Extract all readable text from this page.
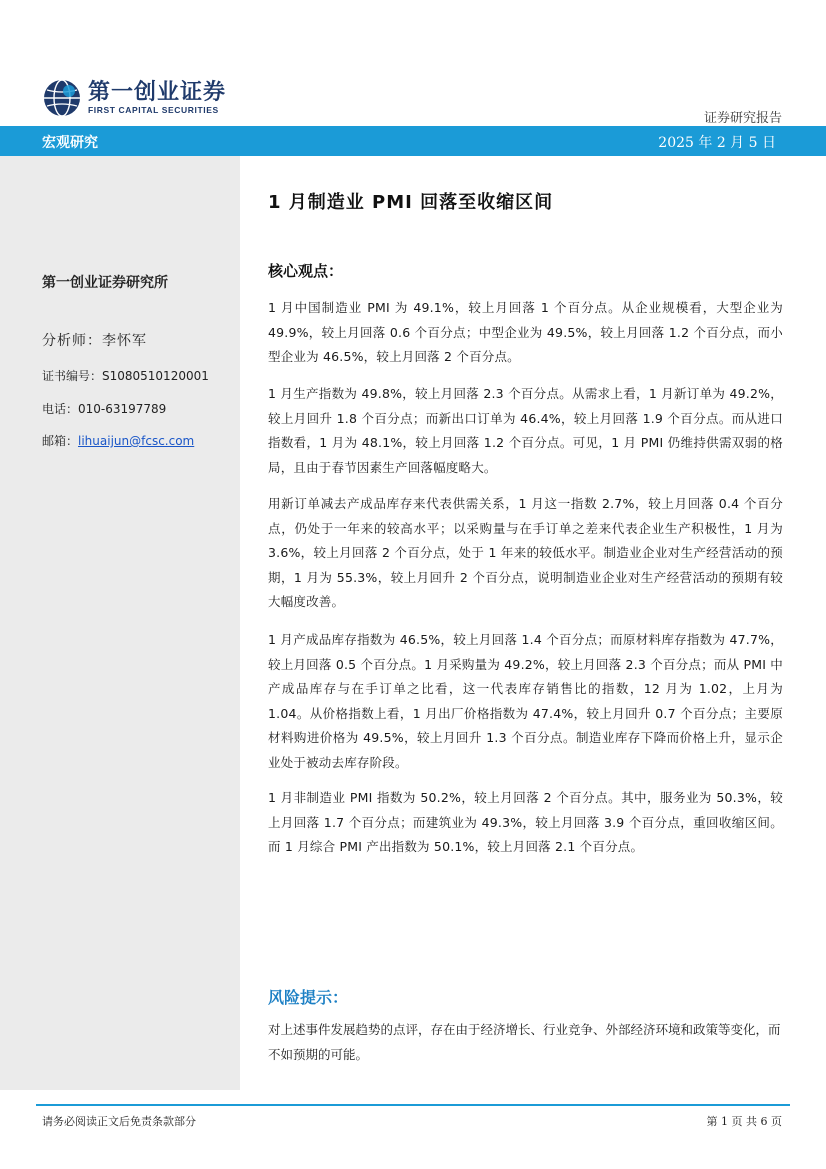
第一创业证券
FIRST CAPITAL SECURITIES
证券研究报告
宏观研究	2025 年 2 月 5 日
第一创业证券研究所
分析师：李怀军
证书编号：S1080510120001
电话：010-63197789
邮箱：lihuaijun@fcsc.com
1 月制造业 PMI 回落至收缩区间
核心观点：
1 月中国制造业 PMI 为 49.1%，较上月回落 1 个百分点。从企业规模看，大型企业为 49.9%，较上月回落 0.6 个百分点；中型企业为 49.5%，较上月回落 1.2 个百分点，而小型企业为 46.5%，较上月回落 2 个百分点。
1 月生产指数为 49.8%，较上月回落 2.3 个百分点。从需求上看，1 月新订单为 49.2%，较上月回升 1.8 个百分点；而新出口订单为 46.4%，较上月回落 1.9 个百分点。而从进口指数看，1 月为 48.1%，较上月回落 1.2 个百分点。可见，1 月 PMI 仍维持供需双弱的格局，且由于春节因素生产回落幅度略大。
用新订单减去产成品库存来代表供需关系，1 月这一指数 2.7%，较上月回落 0.4 个百分点，仍处于一年来的较高水平；以采购量与在手订单之差来代表企业生产积极性，1 月为 3.6%，较上月回落 2 个百分点，处于 1 年来的较低水平。制造业企业对生产经营活动的预期，1 月为 55.3%，较上月回升 2 个百分点，说明制造业企业对生产经营活动的预期有较大幅度改善。
1 月产成品库存指数为 46.5%，较上月回落 1.4 个百分点；而原材料库存指数为 47.7%，较上月回落 0.5 个百分点。1 月采购量为 49.2%，较上月回落 2.3 个百分点；而从 PMI 中产成品库存与在手订单之比看，这一代表库存销售比的指数，12 月为 1.02，上月为 1.04。从价格指数上看，1 月出厂价格指数为 47.4%，较上月回升 0.7 个百分点；主要原材料购进价格为 49.5%，较上月回升 1.3 个百分点。制造业库存下降而价格上升，显示企业处于被动去库存阶段。
1 月非制造业 PMI 指数为 50.2%，较上月回落 2 个百分点。其中，服务业为 50.3%，较上月回落 1.7 个百分点；而建筑业为 49.3%，较上月回落 3.9 个百分点，重回收缩区间。而 1 月综合 PMI 产出指数为 50.1%，较上月回落 2.1 个百分点。
风险提示：
对上述事件发展趋势的点评，存在由于经济增长、行业竞争、外部经济环境和政策等变化，而不如预期的可能。
请务必阅读正文后免责条款部分	第 1 页 共 6 页
